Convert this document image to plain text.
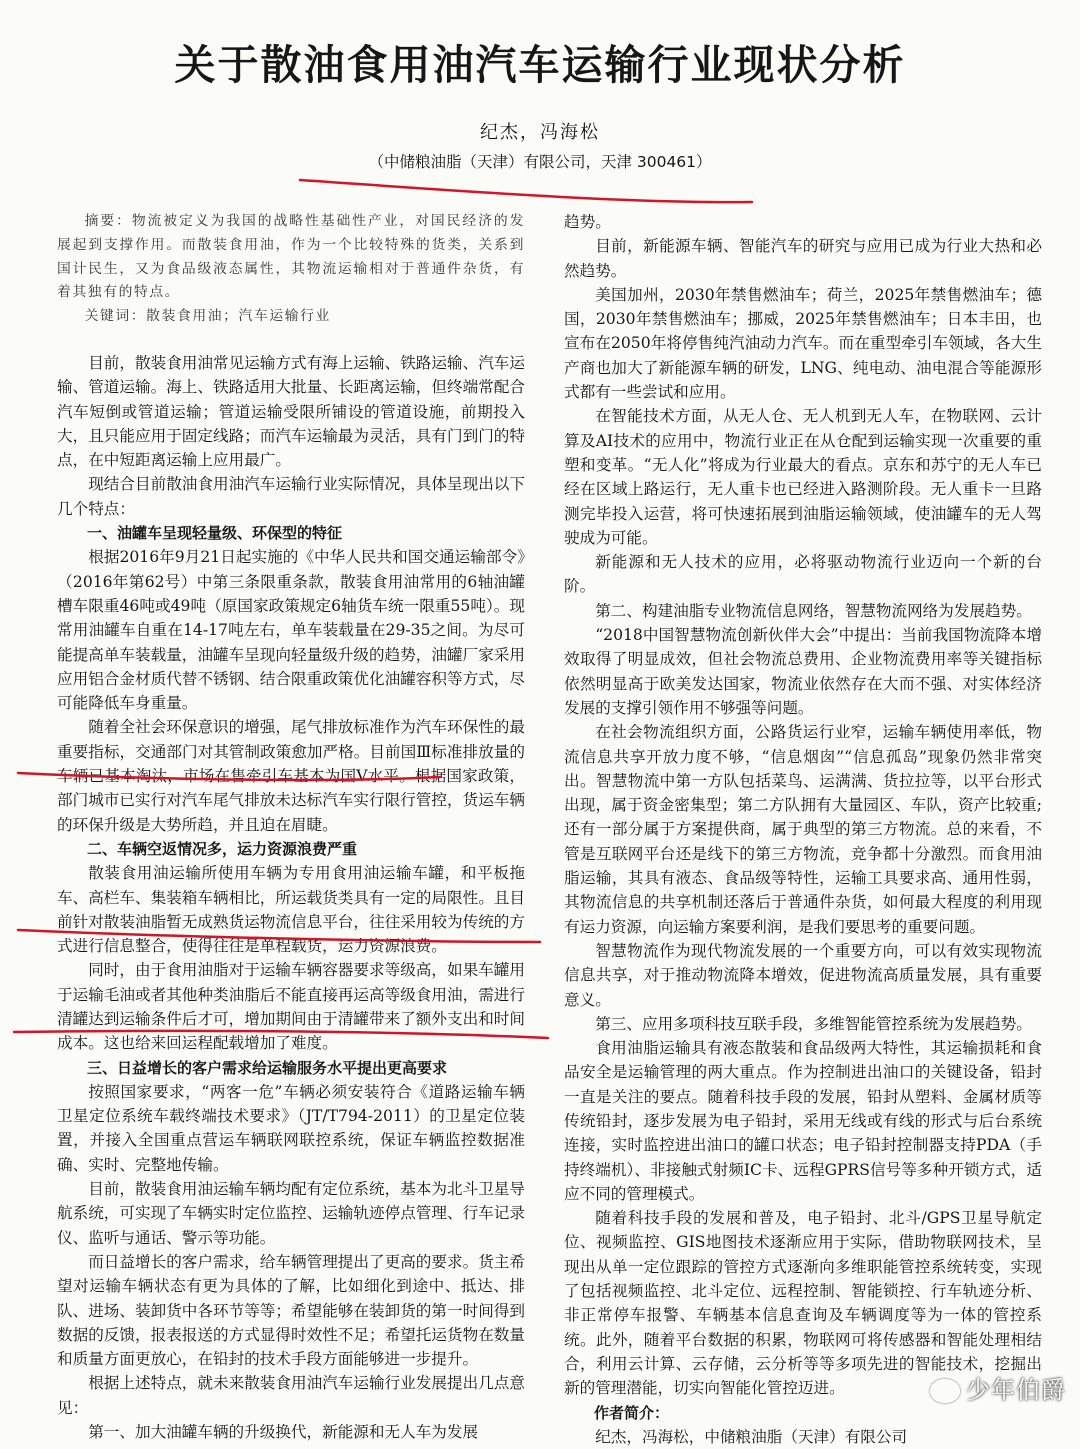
关于散油食用油汽车运输行业现状分析
纪杰，冯海松
（中储粮油脂（天津）有限公司，天津 300461）

摘要：物流被定义为我国的战略性基础性产业，对国民经济的发展起到支撑作用。而散装食用油，作为一个比较特殊的货类，关系到国计民生，又为食品级液态属性，其物流运输相对于普通件杂货，有着其独有的特点。

关键词：散装食用油；汽车运输行业

目前，散装食用油常见运输方式有海上运输、铁路运输、汽车运输、管道运输。海上、铁路适用大批量、长距离运输，但终端常配合汽车短倒或管道运输；管道运输受限所铺设的管道设施，前期投入大，且只能应用于固定线路；而汽车运输最为灵活，具有门到门的特点，在中短距离运输上应用最广。

现结合目前散油食用油汽车运输行业实际情况，具体呈现出以下几个特点：

一、油罐车呈现轻量级、环保型的特征

根据2016年9月21日起实施的《中华人民共和国交通运输部令》（2016年第62号）中第三条限重条款，散装食用油常用的6轴油罐槽车限重46吨或49吨（原国家政策规定6轴货车统一限重55吨）。现常用油罐车自重在14-17吨左右，单车装载量在29-35之间。为尽可能提高单车装载量，油罐车呈现向轻量级升级的趋势，油罐厂家采用应用铝合金材质代替不锈钢、结合限重政策优化油罐容积等方式，尽可能降低车身重量。

随着全社会环保意识的增强，尾气排放标准作为汽车环保性的最重要指标，交通部门对其管制政策愈加严格。目前国Ⅲ标准排放量的车辆已基本淘汰，市场在售牵引车基本为国Ⅴ水平。根据国家政策，部门城市已实行对汽车尾气排放未达标汽车实行限行管控，货运车辆的环保升级是大势所趋，并且迫在眉睫。

二、车辆空返情况多，运力资源浪费严重

散装食用油运输所使用车辆为专用食用油运输车罐，和平板拖车、高栏车、集装箱车辆相比，所运载货类具有一定的局限性。且目前针对散装油脂暂无成熟货运物流信息平台，往往采用较为传统的方式进行信息整合，使得往往是单程载货，运力资源浪费。

同时，由于食用油脂对于运输车辆容器要求等级高，如果车罐用于运输毛油或者其他种类油脂后不能直接再运高等级食用油，需进行清罐达到运输条件后才可，增加期间由于清罐带来了额外支出和时间成本。这也给来回运程配载增加了难度。

三、日益增长的客户需求给运输服务水平提出更高要求

按照国家要求，“两客一危”车辆必须安装符合《道路运输车辆卫星定位系统车载终端技术要求》（JT/T794-2011）的卫星定位装置，并接入全国重点营运车辆联网联控系统，保证车辆监控数据准确、实时、完整地传输。

目前，散装食用油运输车辆均配有定位系统，基本为北斗卫星导航系统，可实现了车辆实时定位监控、运输轨迹停点管理、行车记录仪、监听与通话、警示等功能。

而日益增长的客户需求，给车辆管理提出了更高的要求。货主希望对运输车辆状态有更为具体的了解，比如细化到途中、抵达、排队、进场、装卸货中各环节等等；希望能够在装卸货的第一时间得到数据的反馈，报表报送的方式显得时效性不足；希望托运货物在数量和质量方面更放心，在铅封的技术手段方面能够进一步提升。

根据上述特点，就未来散装食用油汽车运输行业发展提出几点意见：

第一、加大油罐车辆的升级换代，新能源和无人车为发展

趋势。

目前，新能源车辆、智能汽车的研究与应用已成为行业大热和必然趋势。

美国加州，2030年禁售燃油车；荷兰，2025年禁售燃油车；德国，2030年禁售燃油车；挪威，2025年禁售燃油车；日本丰田，也宣布在2050年将停售纯汽油动力汽车。而在重型牵引车领域，各大生产商也加大了新能源车辆的研发，LNG、纯电动、油电混合等能源形式都有一些尝试和应用。

在智能技术方面，从无人仓、无人机到无人车，在物联网、云计算及AI技术的应用中，物流行业正在从仓配到运输实现一次重要的重塑和变革。“无人化”将成为行业最大的看点。京东和苏宁的无人车已经在区域上路运行，无人重卡也已经进入路测阶段。无人重卡一旦路测完毕投入运营，将可快速拓展到油脂运输领域，使油罐车的无人驾驶成为可能。

新能源和无人技术的应用，必将驱动物流行业迈向一个新的台阶。

第二、构建油脂专业物流信息网络，智慧物流网络为发展趋势。

“2018中国智慧物流创新伙伴大会”中提出：当前我国物流降本增效取得了明显成效，但社会物流总费用、企业物流费用率等关键指标依然明显高于欧美发达国家，物流业依然存在大而不强、对实体经济发展的支撑引领作用不够强等问题。

在社会物流组织方面，公路货运行业窄，运输车辆使用率低，物流信息共享开放力度不够，“信息烟囱”“信息孤岛”现象仍然非常突出。智慧物流中第一方队包括菜鸟、运满满、货拉拉等，以平台形式出现，属于资金密集型；第二方队拥有大量园区、车队，资产比较重;还有一部分属于方案提供商，属于典型的第三方物流。总的来看，不管是互联网平台还是线下的第三方物流，竞争都十分激烈。而食用油脂运输，其具有液态、食品级等特性，运输工具要求高、通用性弱，其物流信息的共享机制还落后于普通件杂货，如何最大程度的利用现有运力资源，向运输方案要利润，是我们要思考的重要问题。

智慧物流作为现代物流发展的一个重要方向，可以有效实现物流信息共享，对于推动物流降本增效，促进物流高质量发展，具有重要意义。

第三、应用多项科技互联手段，多维智能管控系统为发展趋势。

食用油脂运输具有液态散装和食品级两大特性，其运输损耗和食品安全是运输管理的两大重点。作为控制进出油口的关键设备，铅封一直是关注的要点。随着科技手段的发展，铅封从塑料、金属材质等传统铅封，逐步发展为电子铅封，采用无线或有线的形式与后台系统连接，实时监控进出油口的罐口状态；电子铅封控制器支持PDA（手持终端机）、非接触式射频IC卡、远程GPRS信号等多种开锁方式，适应不同的管理模式。

随着科技手段的发展和普及，电子铅封、北斗/GPS卫星导航定位、视频监控、GIS地图技术逐渐应用于实际，借助物联网技术，呈现出从单一定位跟踪的管控方式逐渐向多维职能管控系统转变，实现了包括视频监控、北斗定位、远程控制、智能锁控、行车轨迹分析、非正常停车报警、车辆基本信息查询及车辆调度等为一体的管控系统。此外，随着平台数据的积累，物联网可将传感器和智能处理相结合，利用云计算、云存储，云分析等等多项先进的智能技术，挖掘出新的管理潜能，切实向智能化管控迈进。

作者简介：

纪杰，冯海松，中储粮油脂（天津）有限公司

少年伯爵
